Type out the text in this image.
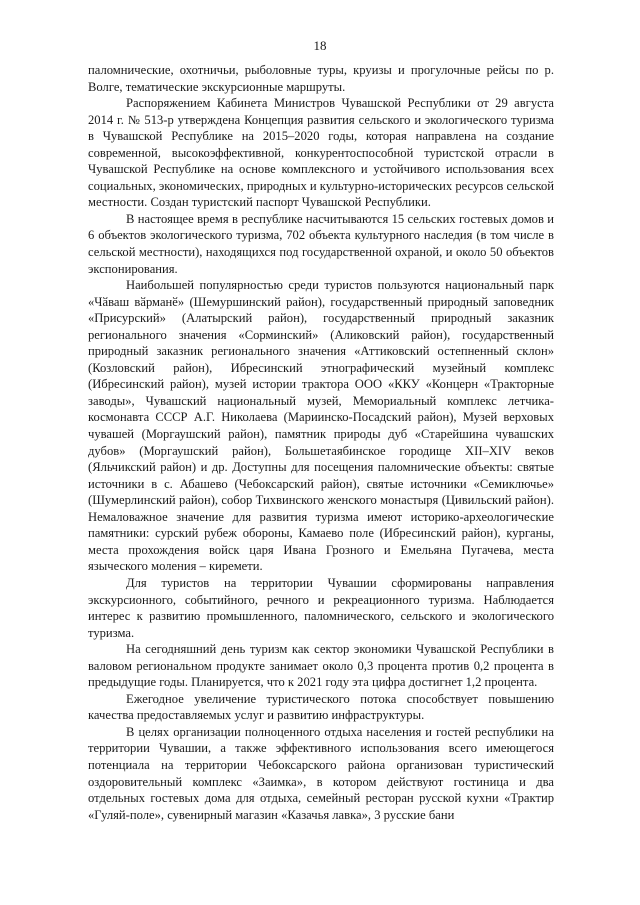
18

паломнические, охотничьи, рыболовные туры, круизы и прогулочные рейсы по р. Волге, тематические экскурсионные маршруты.

Распоряжением Кабинета Министров Чувашской Республики от 29 августа 2014 г. № 513-р утверждена Концепция развития сельского и экологического туризма в Чувашской Республике на 2015–2020 годы, которая направлена на создание современной, высокоэффективной, конкурентоспособной туристской отрасли в Чувашской Республике на основе комплексного и устойчивого использования всех социальных, экономических, природных и культурно-исторических ресурсов сельской местности. Создан туристский паспорт Чувашской Республики.

В настоящее время в республике насчитываются 15 сельских гостевых домов и 6 объектов экологического туризма, 702 объекта культурного наследия (в том числе в сельской местности), находящихся под государственной охраной, и около 50 объектов экспонирования.

Наибольшей популярностью среди туристов пользуются национальный парк «Чӑваш вӑрманӗ» (Шемуршинский район), государственный природный заповедник «Присурский» (Алатырский район), государственный природный заказник регионального значения «Сорминский» (Аликовский район), государственный природный заказник регионального значения «Аттиковский остепненный склон» (Козловский район), Ибресинский этнографический музейный комплекс (Ибресинский район), музей истории трактора ООО «ККУ «Концерн «Тракторные заводы», Чувашский национальный музей, Мемориальный комплекс летчика-космонавта СССР А.Г. Николаева (Мариинско-Посадский район), Музей верховых чувашей (Моргаушский район), памятник природы дуб «Старейшина чувашских дубов» (Моргаушский район), Большетаябинское городище XII–XIV веков (Яльчикский район) и др. Доступны для посещения паломнические объекты: святые источники в с. Абашево (Чебоксарский район), святые источники «Семиключье» (Шумерлинский район), собор Тихвинского женского монастыря (Цивильский район). Немаловажное значение для развития туризма имеют историко-археологические памятники: сурский рубеж обороны, Камаево поле (Ибресинский район), курганы, места прохождения войск царя Ивана Грозного и Емельяна Пугачева, места языческого моления – киремети.

Для туристов на территории Чувашии сформированы направления экскурсионного, событийного, речного и рекреационного туризма. Наблюдается интерес к развитию промышленного, паломнического, сельского и экологического туризма.

На сегодняшний день туризм как сектор экономики Чувашской Республики в валовом региональном продукте занимает около 0,3 процента против 0,2 процента в предыдущие годы. Планируется, что к 2021 году эта цифра достигнет 1,2 процента.

Ежегодное увеличение туристического потока способствует повышению качества предоставляемых услуг и развитию инфраструктуры.

В целях организации полноценного отдыха населения и гостей республики на территории Чувашии, а также эффективного использования всего имеющегося потенциала на территории Чебоксарского района организован туристический оздоровительный комплекс «Заимка», в котором действуют гостиница и два отдельных гостевых дома для отдыха, семейный ресторан русской кухни «Трактир «Гуляй-поле», сувенирный магазин «Казачья лавка», 3 русские бани
